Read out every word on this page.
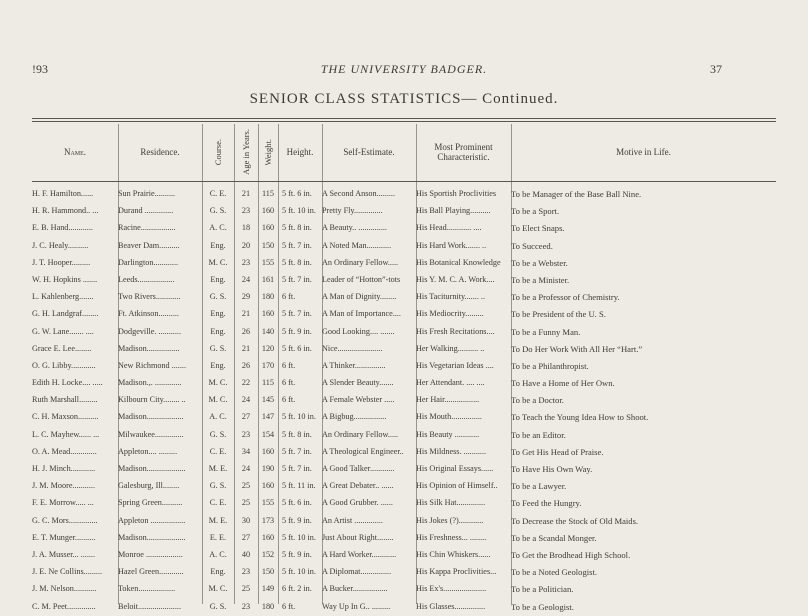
!93	THE UNIVERSITY BADGER.	37
SENIOR CLASS STATISTICS— Continued.
Name.	Residence.	Course. Age in Years. Weight.	Height.	Self-Estimate.	Most Prominent Characteristic.	Motive in Life.
H. F. Hamilton......	Sun Prairie..........	C. E.	21	115 5 ft. 6 in.	A Second Anson.........	His Sportish Proclivities	To be Manager of the Base Ball Nine.
H. R. Hammond.. ...	Durand ..............	G. S.	23	160 5 ft. 10 in. Pretty Fly..............	His Ball Playing..........	To be a Sport.
E. B. Hand............	Racine.................	A. C.	18	160 5 ft. 8 in.	A Beauty.. ..............	His Head............ ....	To Elect Snaps.
J. C. Healy..........	Beaver Dam..........	Eng.	20	150 5 ft. 7 in.	A Noted Man............	His Hard Work....... ..	To Succeed.
J. T. Hooper.........	Darlington............	M. C.	23	155 5 ft. 8 in.	An Ordinary Fellow.....	His Botanical Knowledge	To be a Webster.
W. H. Hopkins .......	Leeds..................	Eng.	24	161 5 ft. 7 in.	Leader of “Hotton”-tots	His Y. M. C. A. Work....	To be a Minister.
L. Kahlenberg.......	Two Rivers............	G. S.	29	180 6 ft.	A Man of Dignity........	His Taciturnity....... ..	To be a Professor of Chemistry.
G. H. Landgraf........	Ft. Atkinson..........	Eng.	21	160 5 ft. 7 in.	A Man of Importance....	His Mediocrity.........	To be President of the U. S.
G. W. Lane....... ....	Dodgeville. ...........	Eng.	26	140 5 ft. 9 in.	Good Looking.... .......	His Fresh Recitations....	To be a Funny Man.
Grace E. Lee........	Madison................	G. S.	21	120 5 ft. 6 in.	Nice......................	Her Walking.......... ..	To Do Her Work With All Her “Hart.”
O. G. Libby............	New Richmond .......	Eng.	26	170 6 ft.	A Thinker...............	His Vegetarian Ideas ....	To be a Philanthropist.
Edith H. Locke.... .....	Madison.,. .............	M. C.	22	115 6 ft.	A Slender Beauty.......	Her Attendant. .... ....	To Have a Home of Her Own.
Ruth Marshall.........	Kilbourn City........ ..	M. C.	24	145 6 ft.	A Female Webster .....	Her Hair.................	To be a Doctor.
C. H. Maxson..........	Madison..................	A. C.	27	147 5 ft. 10 in. A Bigbug................	His Mouth...............	To Teach the Young Idea How to Shoot.
L. C. Mayhew...... ...	Milwaukee..............	G. S.	23	154 5 ft. 8 in.	An Ordinary Fellow.....	His Beauty ............	To be an Editor.
O. A. Mead.............	Appleton.... .........	C. E.	34	160 5 ft. 7 in.	A Theological Engineer..	His Mildness. ...........	To Get His Head of Praise.
H. J. Minch............	Madison...................	M. E.	24	190 5 ft. 7 in.	A Good Talker............	His Original Essays......	To Have His Own Way.
J. M. Moore...........	Galesburg, Ill........	G. S.	25	160 5 ft. 11 in. A Great Debater.. ......	His Opinion of Himself..	To be a Lawyer.
F. E. Morrow..... ...	Spring Green..........	C. E.	25	155 5 ft. 6 in.	A Good Grubber. ......	His Silk Hat..............	To Feed the Hungry.
G. C. Mors..............	Appleton .................	M. E.	30	173 5 ft. 9 in.	An Artist ..............	His Jokes (?)............	To Decrease the Stock of Old Maids.
E. T. Munger..........	Madison...................	E. E.	27	160 5 ft. 10 in. Just About Right........	His Freshness... ........	To be a Scandal Monger.
J. A. Musser... .......	Monroe ..................	A. C.	40	152 5 ft. 9 in.	A Hard Worker............	His Chin Whiskers......	To Get the Brodhead High School.
J. E. Ne Collins.........	Hazel Green............	Eng.	23	150 5 ft. 10 in. A Diplomat...............	His Kappa Proclivities...	To be a Noted Geologist.
J. M. Nelson...........	Token..................	M. C.	25	149 6 ft. 2 in.	A Bucker.................	His Ex's.....................	To be a Politician.
C. M. Peet..............	Beloit.....................	G. S.	23	180 6 ft.	Way Up In G.. .........	His Glasses...............	To be a Geologist.
